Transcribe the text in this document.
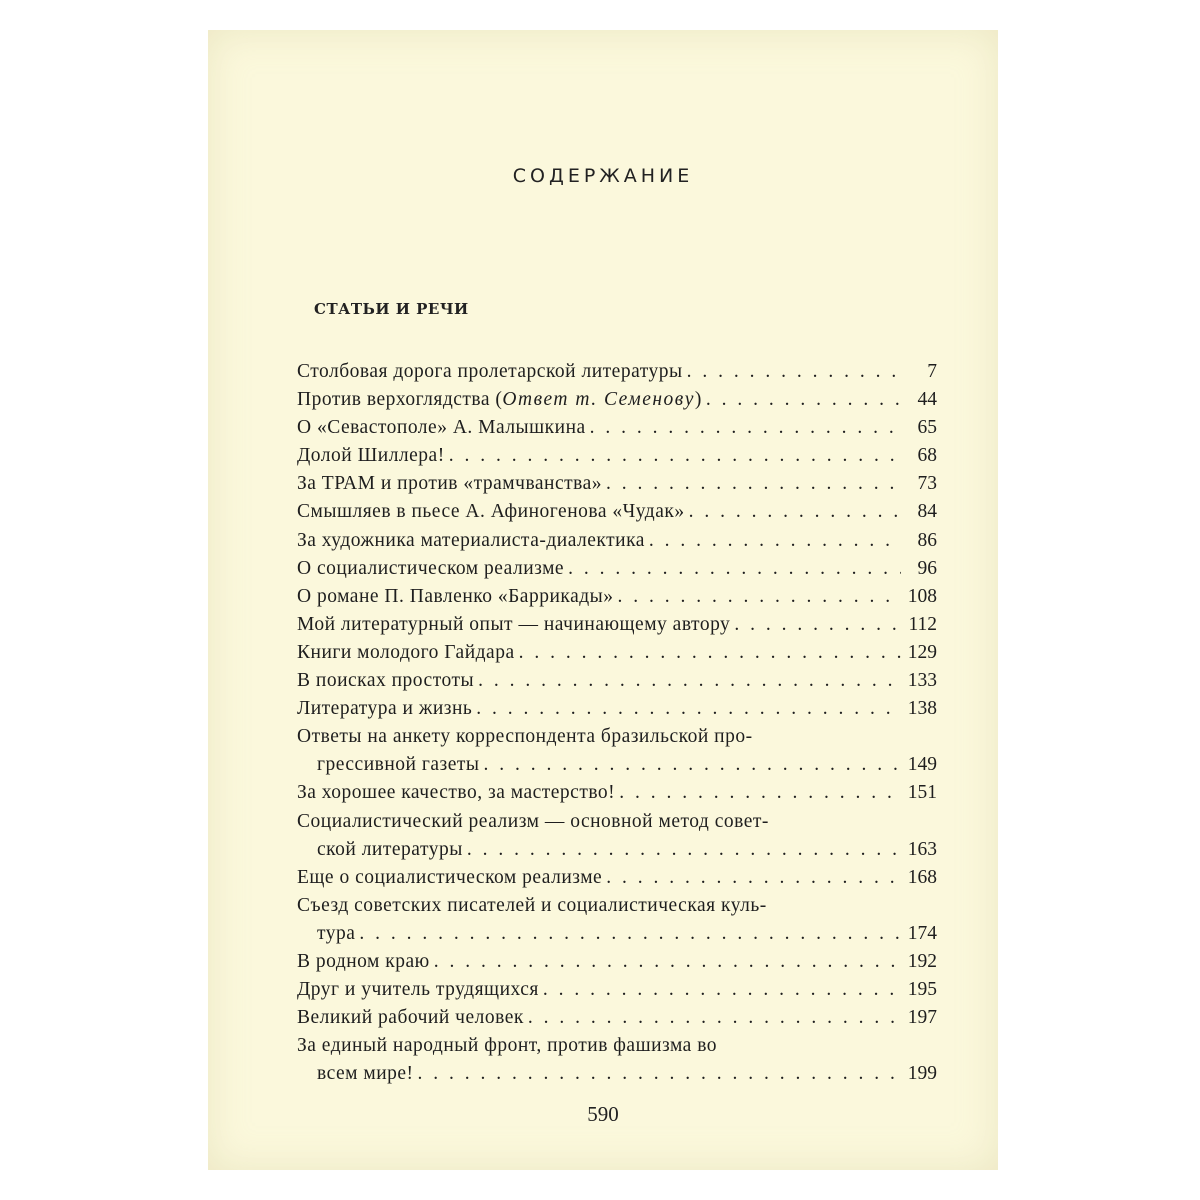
СОДЕРЖАНИЕ
СТАТЬИ И РЕЧИ
Столбовая дорога пролетарской литературы . . .	7
Против верхоглядства (Ответ т. Семенову) . . .	44
О «Севастополе» А. Малышкина . . .	65
Долой Шиллера! . . .	68
За ТРАМ и против «трамчванства» . . .	73
Смышляев в пьесе А. Афиногенова «Чудак» . . .	84
За художника материалиста-диалектика . . .	86
О социалистическом реализме . . .	96
О романе П. Павленко «Баррикады» . . .	108
Мой литературный опыт — начинающему автору . . .	112
Книги молодого Гайдара . . .	129
В поисках простоты . . .	133
Литература и жизнь . . .	138
Ответы на анкету корреспондента бразильской про-
грессивной газеты . . .	149
За хорошее качество, за мастерство! . . .	151
Социалистический реализм — основной метод совет-
ской литературы . . .	163
Еще о социалистическом реализме . . .	168
Съезд советских писателей и социалистическая куль-
тура . . .	174
В родном краю . . .	192
Друг и учитель трудящихся . . .	195
Великий рабочий человек . . .	197
За единый народный фронт, против фашизма во
всем мире! . . .	199
590
